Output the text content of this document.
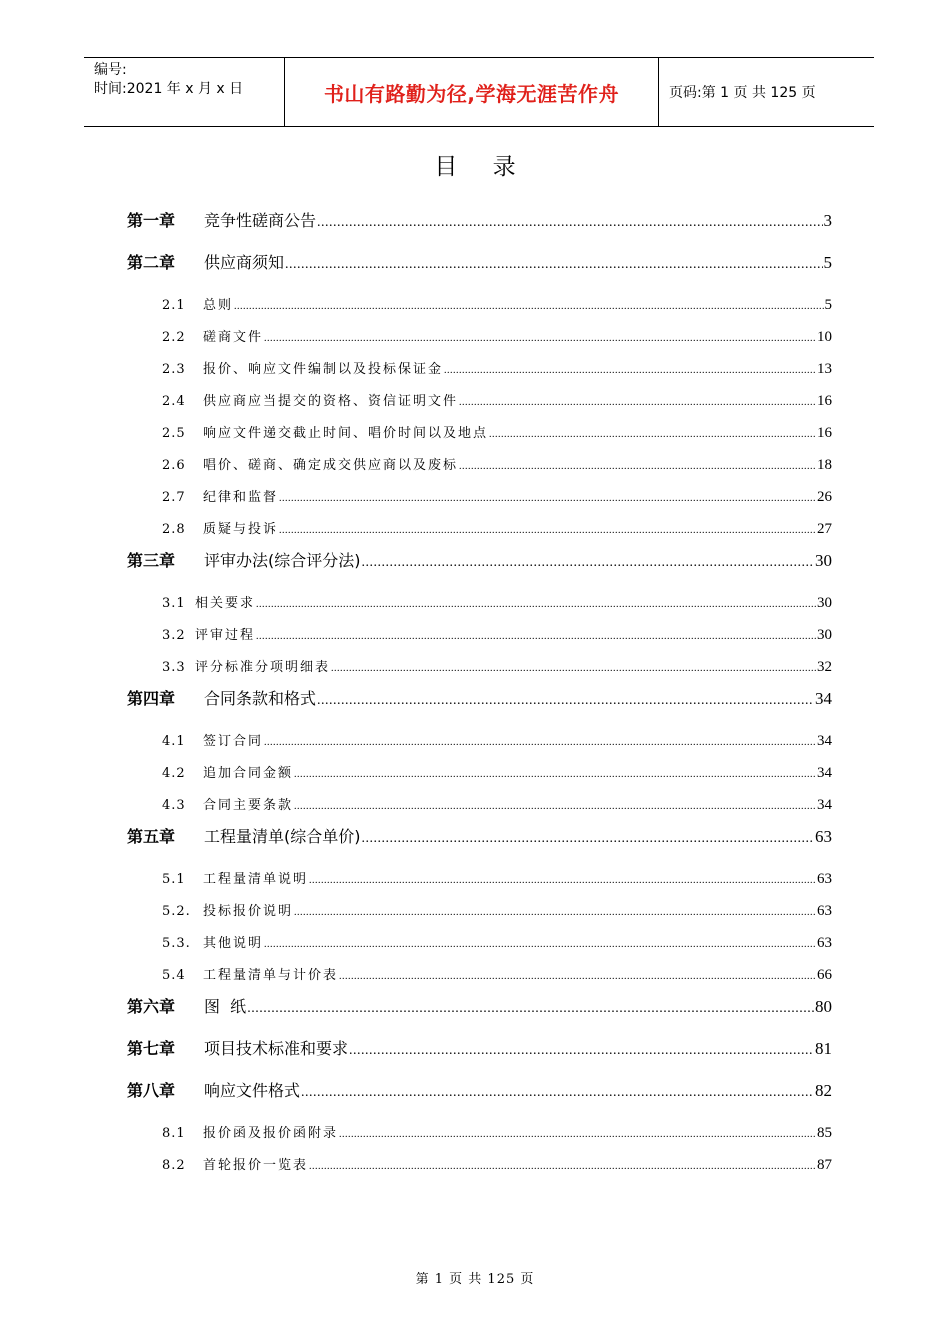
编号:
时间:2021 年 x 月 x 日	书山有路勤为径,学海无涯苦作舟	页码:第 1 页 共 125 页
目 录
第一章	竞争性磋商公告 .....	3
第二章	供应商须知 .....	5
2.1	总则 .....	5
2.2	磋商文件 .....	10
2.3	报价、响应文件编制以及投标保证金 .....	13
2.4	供应商应当提交的资格、资信证明文件 .....	16
2.5	响应文件递交截止时间、唱价时间以及地点 .....	16
2.6	唱价、磋商、确定成交供应商以及废标 .....	18
2.7	纪律和监督 .....	26
2.8	质疑与投诉 .....	27
第三章	评审办法(综合评分法) .....	30
3.1 相关要求 .....	30
3.2 评审过程 .....	30
3.3 评分标准分项明细表 .....	32
第四章	合同条款和格式 .....	34
4.1	签订合同 .....	34
4.2	追加合同金额 .....	34
4.3	合同主要条款 .....	34
第五章	工程量清单(综合单价) .....	63
5.1	工程量清单说明 .....	63
5.2. 投标报价说明 .....	63
5.3. 其他说明 .....	63
5.4	工程量清单与计价表 .....	66
第六章	图  纸 .....	80
第七章	项目技术标准和要求 .....	81
第八章	响应文件格式 .....	82
8.1	报价函及报价函附录 .....	85
8.2	首轮报价一览表 .....	87
第 1 页 共 125 页
